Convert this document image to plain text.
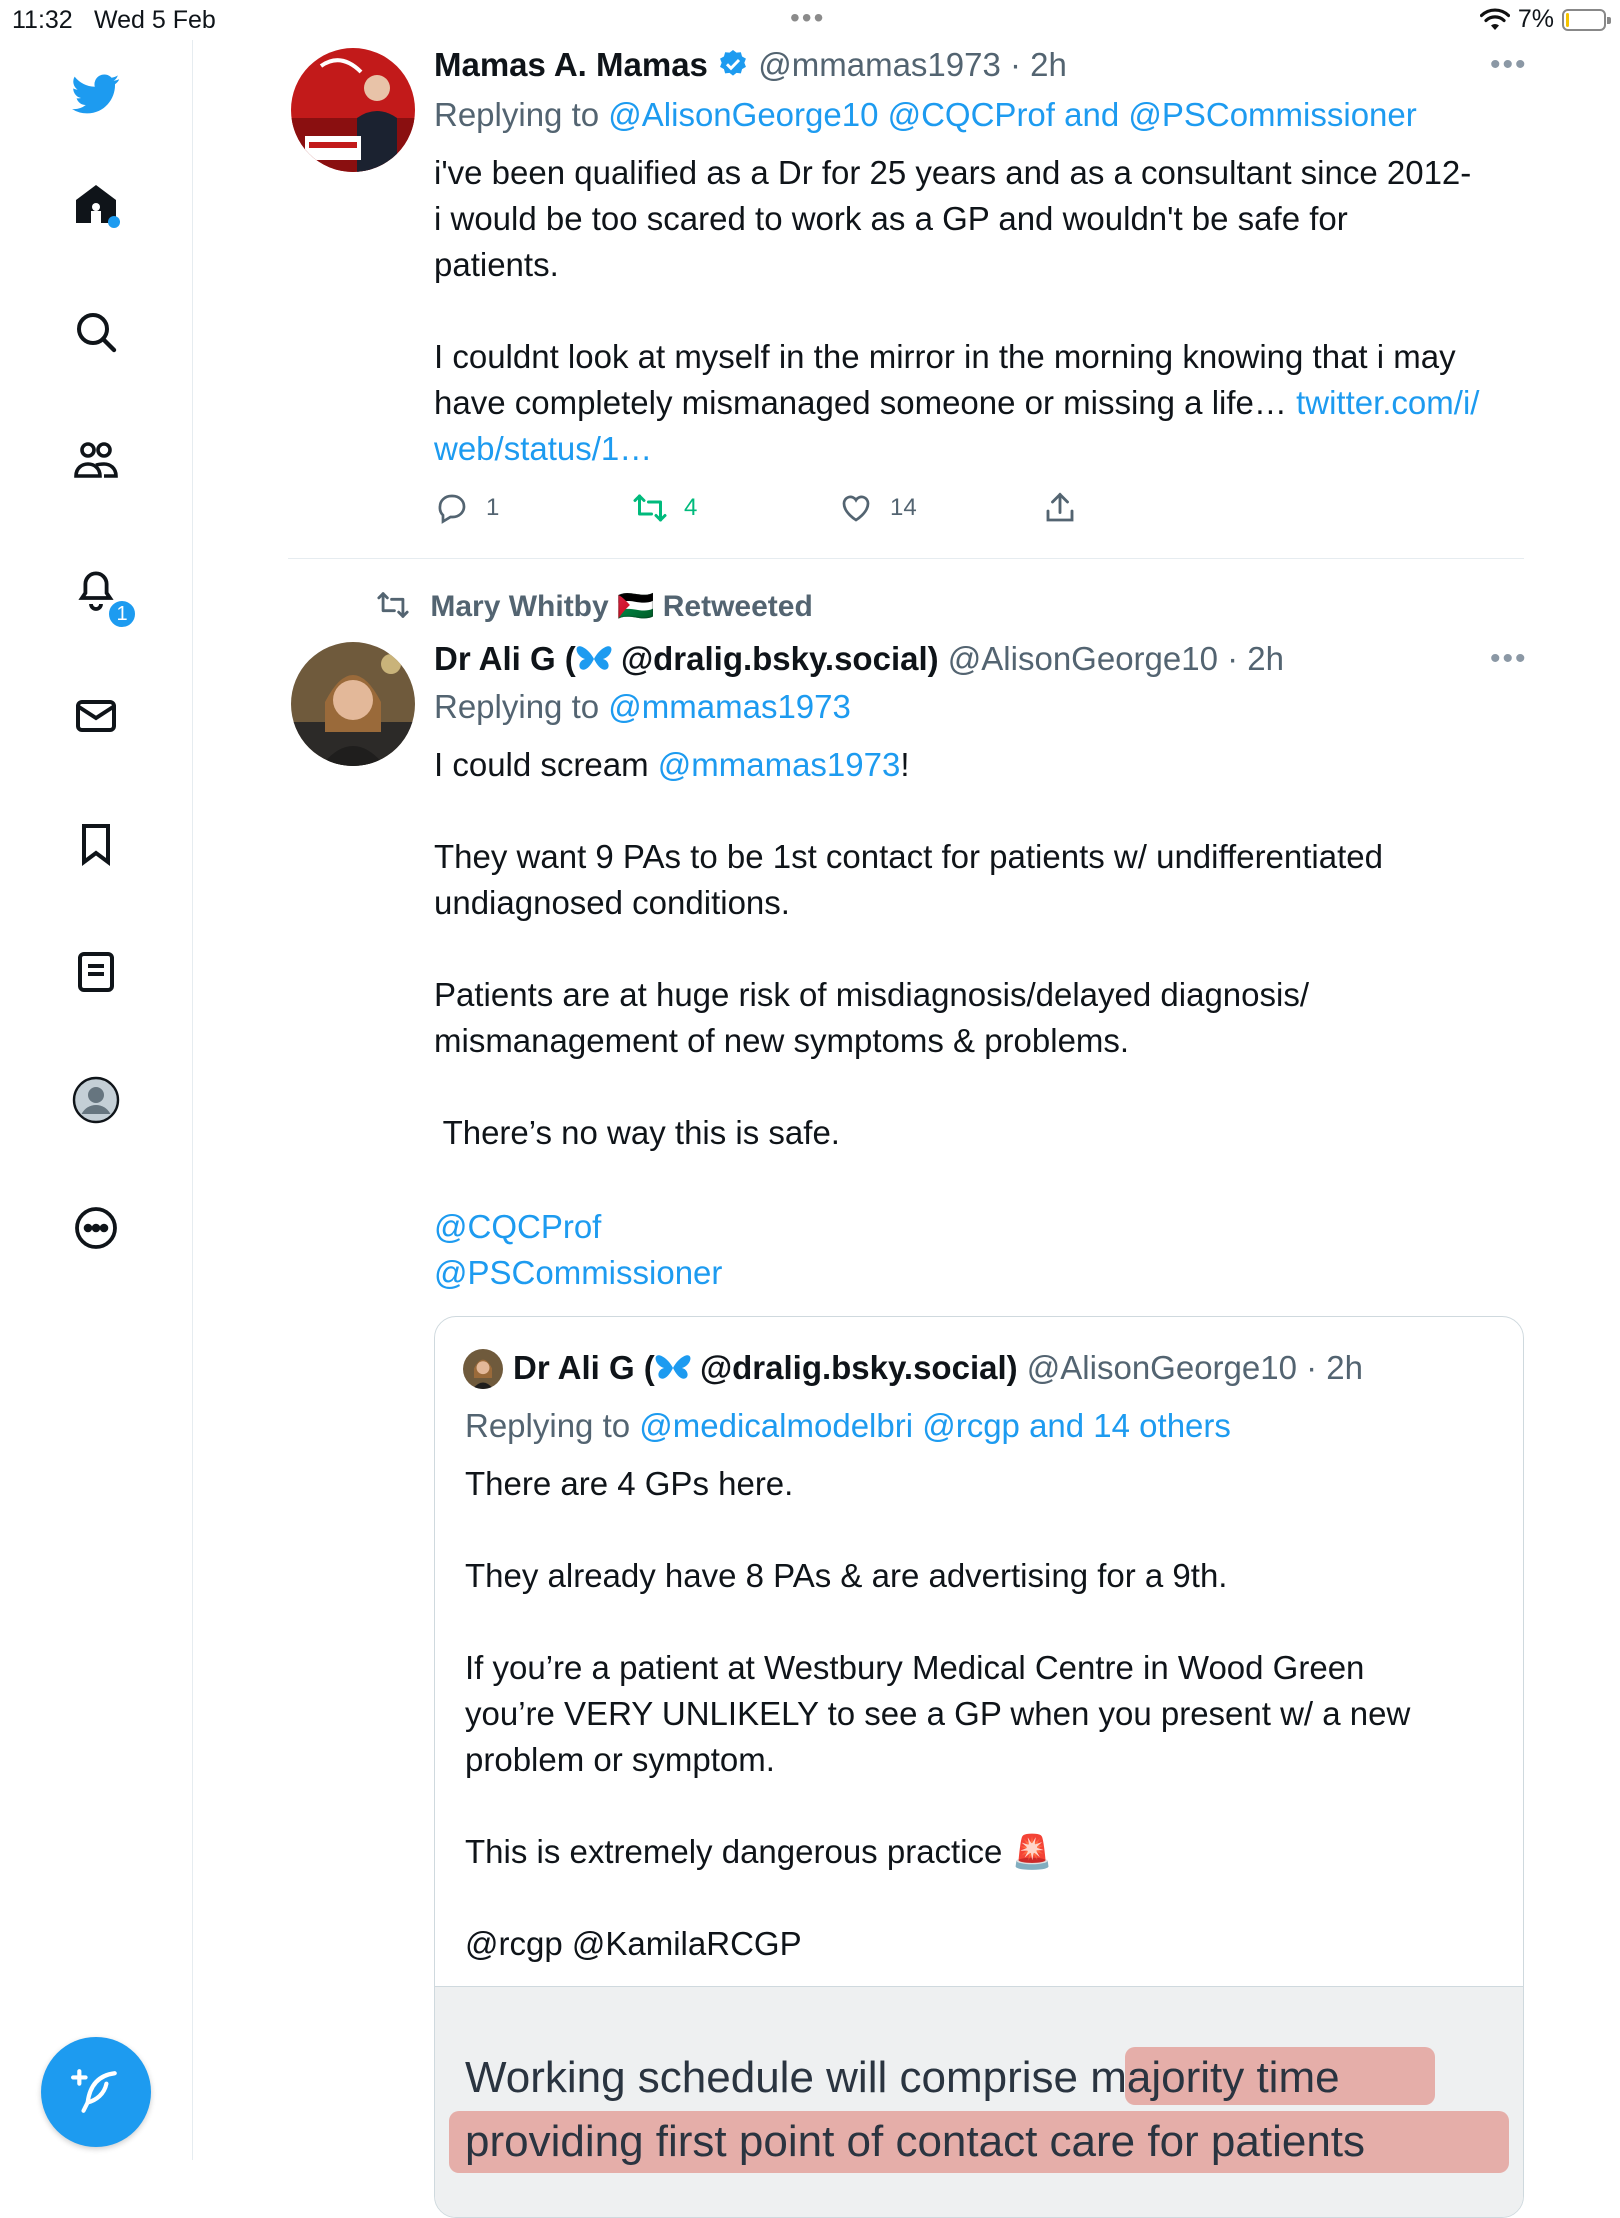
11:32 Wed 5 Feb	•••	7%
1
Mamas A. Mamas @mmamas1973 · 2h	•••
Replying to @AlisonGeorge10 @CQCProf and @PSCommissioner
i've been qualified as a Dr for 25 years and as a consultant since 2012-
i would be too scared to work as a GP and wouldn't be safe for
patients.
I couldnt look at myself in the mirror in the morning knowing that i may
have completely mismanaged someone or missing a life… twitter.com/i/
web/status/1…
1	4	14
Mary Whitby 🇵🇸 Retweeted
Dr Ali G ( @dralig.bsky.social) @AlisonGeorge10 · 2h	•••
Replying to @mmamas1973
I could scream @mmamas1973!
They want 9 PAs to be 1st contact for patients w/ undifferentiated
undiagnosed conditions.
Patients are at huge risk of misdiagnosis/delayed diagnosis/
mismanagement of new symptoms & problems.
There’s no way this is safe.
@CQCProf
@PSCommissioner
Dr Ali G ( @dralig.bsky.social) @AlisonGeorge10 · 2h
Replying to @medicalmodelbri @rcgp and 14 others
There are 4 GPs here.
They already have 8 PAs & are advertising for a 9th.
If you’re a patient at Westbury Medical Centre in Wood Green
you’re VERY UNLIKELY to see a GP when you present w/ a new
problem or symptom.
This is extremely dangerous practice 🚨
@rcgp @KamilaRCGP
Working schedule will comprise majority time
providing first point of contact care for patients
